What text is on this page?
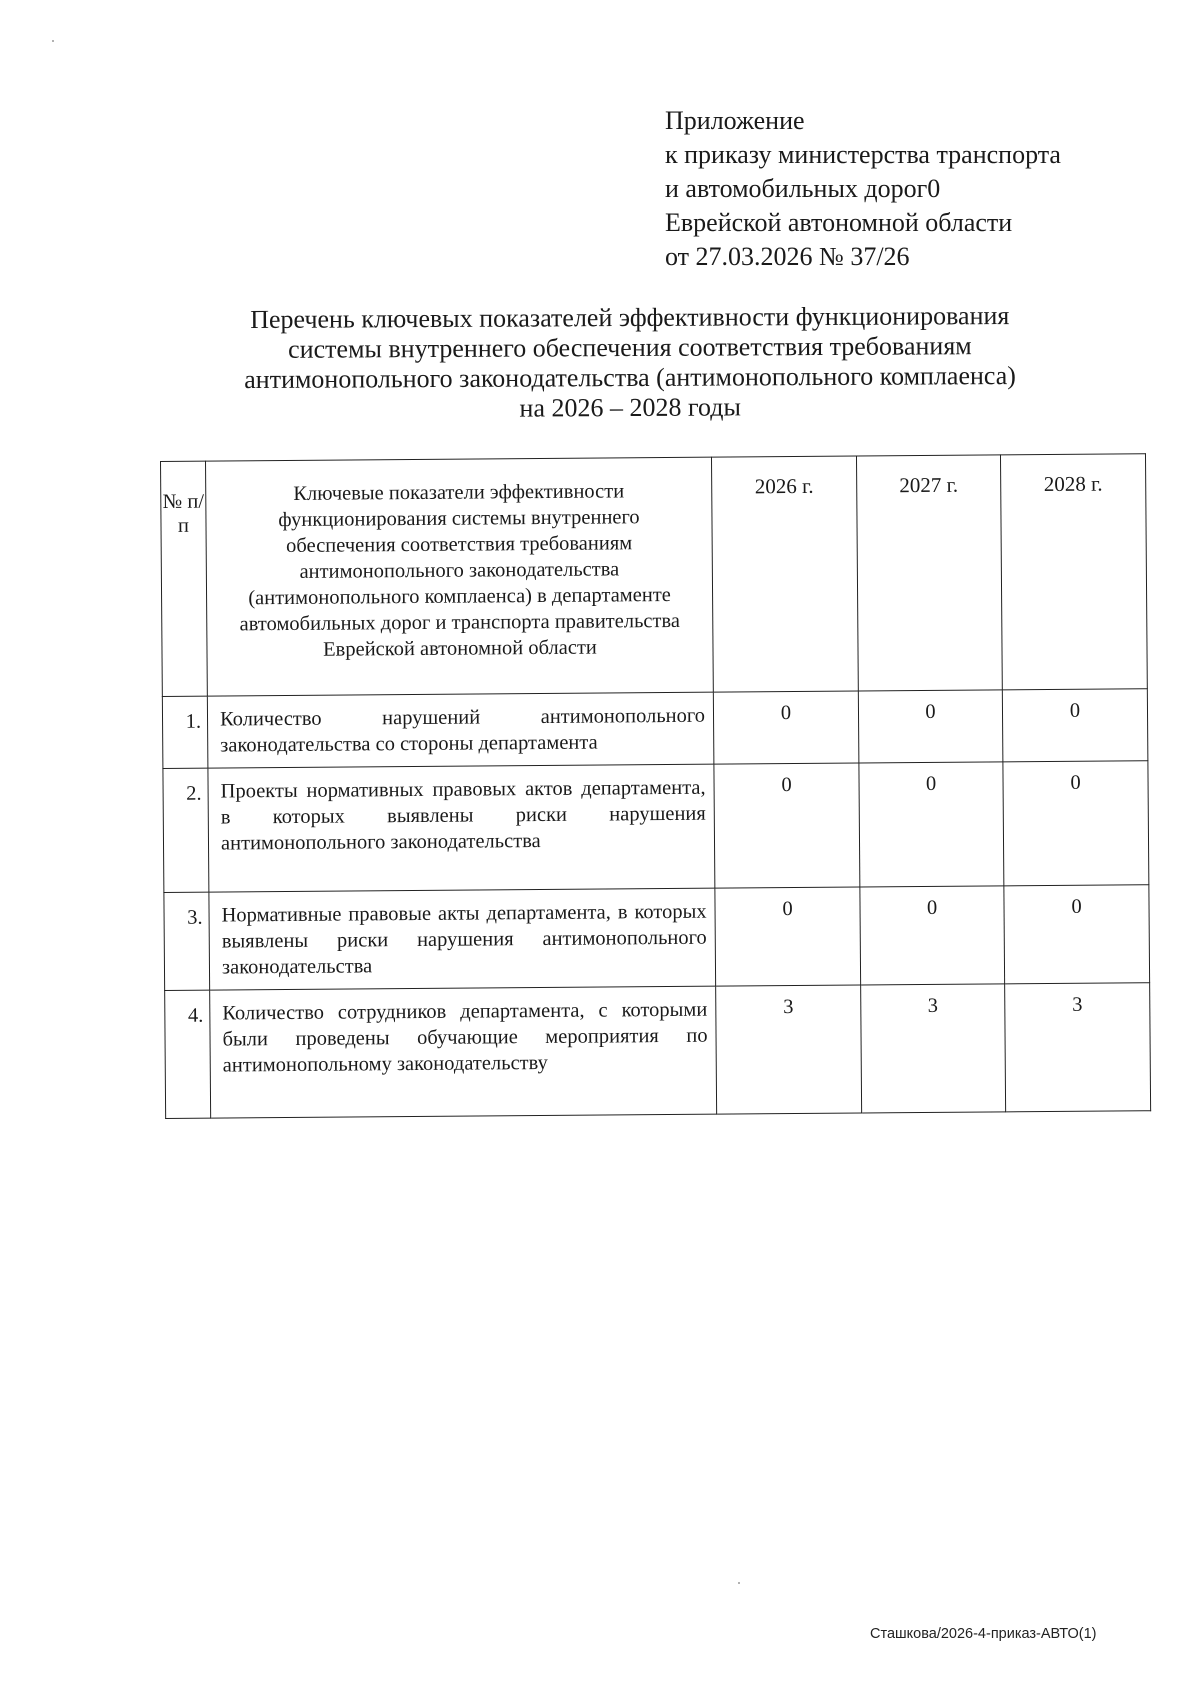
Приложение
к приказу министерства транспорта
и автомобильных дорог0
Еврейской автономной области
от 27.03.2026 № 37/26
Перечень ключевых показателей эффективности функционирования
системы внутреннего обеспечения соответствия требованиям
антимонопольного законодательства (антимонопольного комплаенса)
на 2026 – 2028 годы
№ п/п	Ключевые показатели эффективности функционирования системы внутреннего обеспечения соответствия требованиям антимонопольного законодательства (антимонопольного комплаенса) в департаменте автомобильных дорог и транспорта правительства Еврейской автономной области	2026 г.	2027 г.	2028 г.
1.	Количество нарушений антимонопольного законодательства со стороны департамента	0	0	0
2.	Проекты нормативных правовых актов департамента, в которых выявлены риски нарушения антимонопольного законодательства	0	0	0
3.	Нормативные правовые акты департамента, в которых выявлены риски нарушения антимонопольного законодательства	0	0	0
4.	Количество сотрудников департамента, с которыми были проведены обучающие мероприятия по антимонопольному законодательству	3	3	3
Сташкова/2026-4-приказ-АВТО(1)
